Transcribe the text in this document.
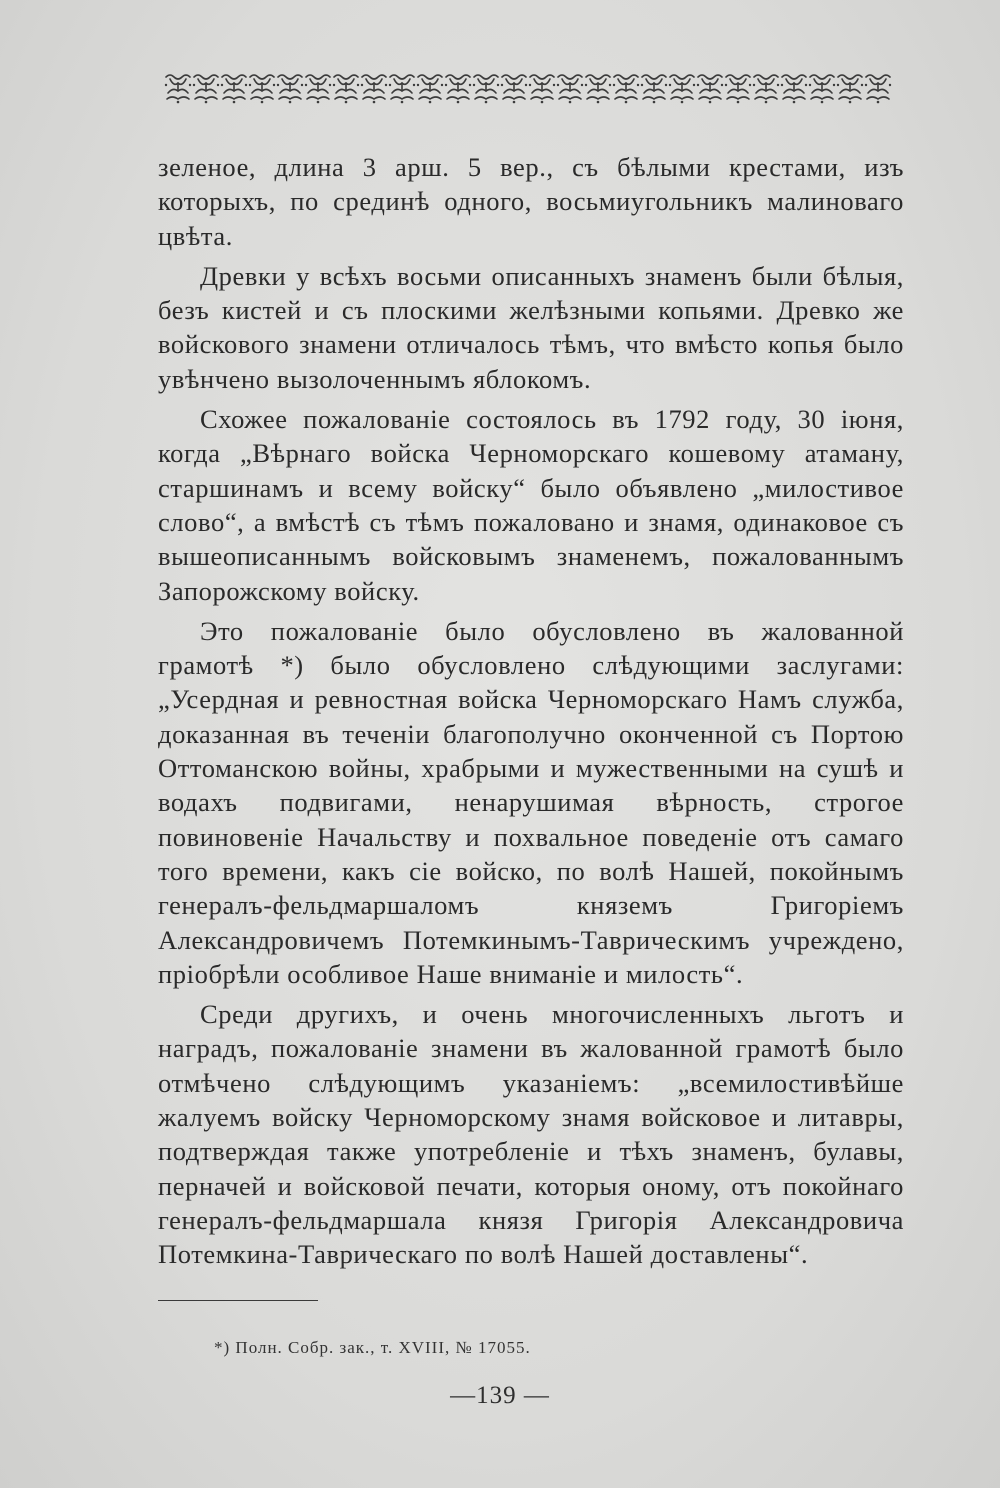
зеленое, длина 3 арш. 5 вер., съ бѣлыми крестами, изъ которыхъ, по срединѣ одного, восьмиугольникъ малиноваго цвѣта.

Древки у всѣхъ восьми описанныхъ знаменъ были бѣлыя, безъ кистей и съ плоскими желѣзными копьями. Древко же войскового знамени отличалось тѣмъ, что вмѣсто копья было увѣнчено вызолоченнымъ яблокомъ.

Схожее пожалованіе состоялось въ 1792 году, 30 іюня, когда „Вѣрнаго войска Черноморскаго кошевому атаману, старшинамъ и всему войску“ было объявлено „милостивое слово“, а вмѣстѣ съ тѣмъ пожаловано и знамя, одинаковое съ вышеописаннымъ войсковымъ знаменемъ, пожалованнымъ Запорожскому войску.

Это пожалованіе было обусловлено въ жалованной грамотѣ *) было обусловлено слѣдующими заслугами: „Усердная и ревностная войска Черноморскаго Намъ служба, доказанная въ теченіи благополучно оконченной съ Портою Оттоманскою войны, храбрыми и мужественными на сушѣ и водахъ подвигами, ненарушимая вѣрность, строгое повиновеніе Начальству и похвальное поведеніе отъ самаго того времени, какъ сіе войско, по волѣ Нашей, покойнымъ генералъ-фельдмаршаломъ княземъ Григоріемъ Александровичемъ Потемкинымъ-Таврическимъ учреждено, пріобрѣли особливое Наше вниманіе и милость“.

Среди другихъ, и очень многочисленныхъ льготъ и наградъ, пожалованіе знамени въ жалованной грамотѣ было отмѣчено слѣдующимъ указаніемъ: „всемилостивѣйше жалуемъ войску Черноморскому знамя войсковое и литавры, подтверждая также употребленіе и тѣхъ знаменъ, булавы, перначей и войсковой печати, которыя оному, отъ покойнаго генералъ-фельдмаршала князя Григорія Александровича Потемкина-Таврическаго по волѣ Нашей доставлены“.

*) Полн. Собр. зак., т. XVIII, № 17055.
—139 —
